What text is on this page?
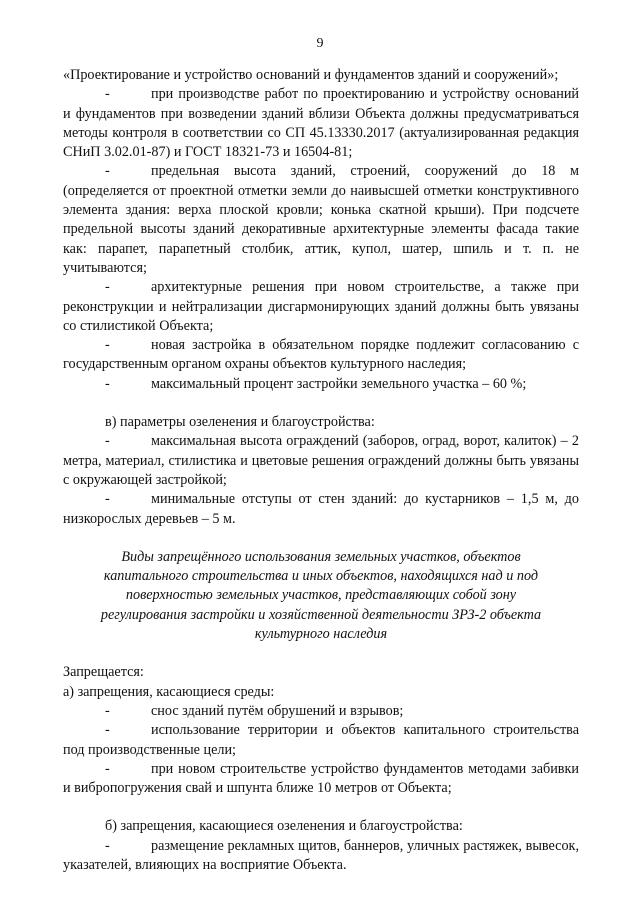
9

«Проектирование и устройство оснований и фундаментов зданий и сооружений»;

-	при производстве работ по проектированию и устройству оснований и фундаментов при возведении зданий вблизи Объекта должны предусматриваться методы контроля в соответствии со СП 45.13330.2017 (актуализированная редакция СНиП 3.02.01-87) и ГОСТ 18321-73 и 16504-81;

-	предельная высота зданий, строений, сооружений до 18 м (определяется от проектной отметки земли до наивысшей отметки конструктивного элемента здания: верха плоской кровли; конька скатной крыши). При подсчете предельной высоты зданий декоративные архитектурные элементы фасада такие как: парапет, парапетный столбик, аттик, купол, шатер, шпиль и т. п. не учитываются;

-	архитектурные решения при новом строительстве, а также при реконструкции и нейтрализации дисгармонирующих зданий должны быть увязаны со стилистикой Объекта;

-	новая застройка в обязательном порядке подлежит согласованию с государственным органом охраны объектов культурного наследия;

-	максимальный процент застройки земельного участка – 60 %;

в) параметры озеленения и благоустройства:

-	максимальная высота ограждений (заборов, оград, ворот, калиток) – 2 метра, материал, стилистика и цветовые решения ограждений должны быть увязаны с окружающей застройкой;

-	минимальные отступы от стен зданий: до кустарников – 1,5 м, до низкорослых деревьев – 5 м.

Виды запрещённого использования земельных участков, объектов капитального строительства и иных объектов, находящихся над и под поверхностью земельных участков, представляющих собой зону регулирования застройки и хозяйственной деятельности ЗРЗ-2 объекта культурного наследия

Запрещается:

а) запрещения, касающиеся среды:

-	снос зданий путём обрушений и взрывов;

-	использование территории и объектов капитального строительства под производственные цели;

-	при новом строительстве устройство фундаментов методами забивки и вибропогружения свай и шпунта ближе 10 метров от Объекта;

б) запрещения, касающиеся озеленения и благоустройства:

-	размещение рекламных щитов, баннеров, уличных растяжек, вывесок, указателей, влияющих на восприятие Объекта.
